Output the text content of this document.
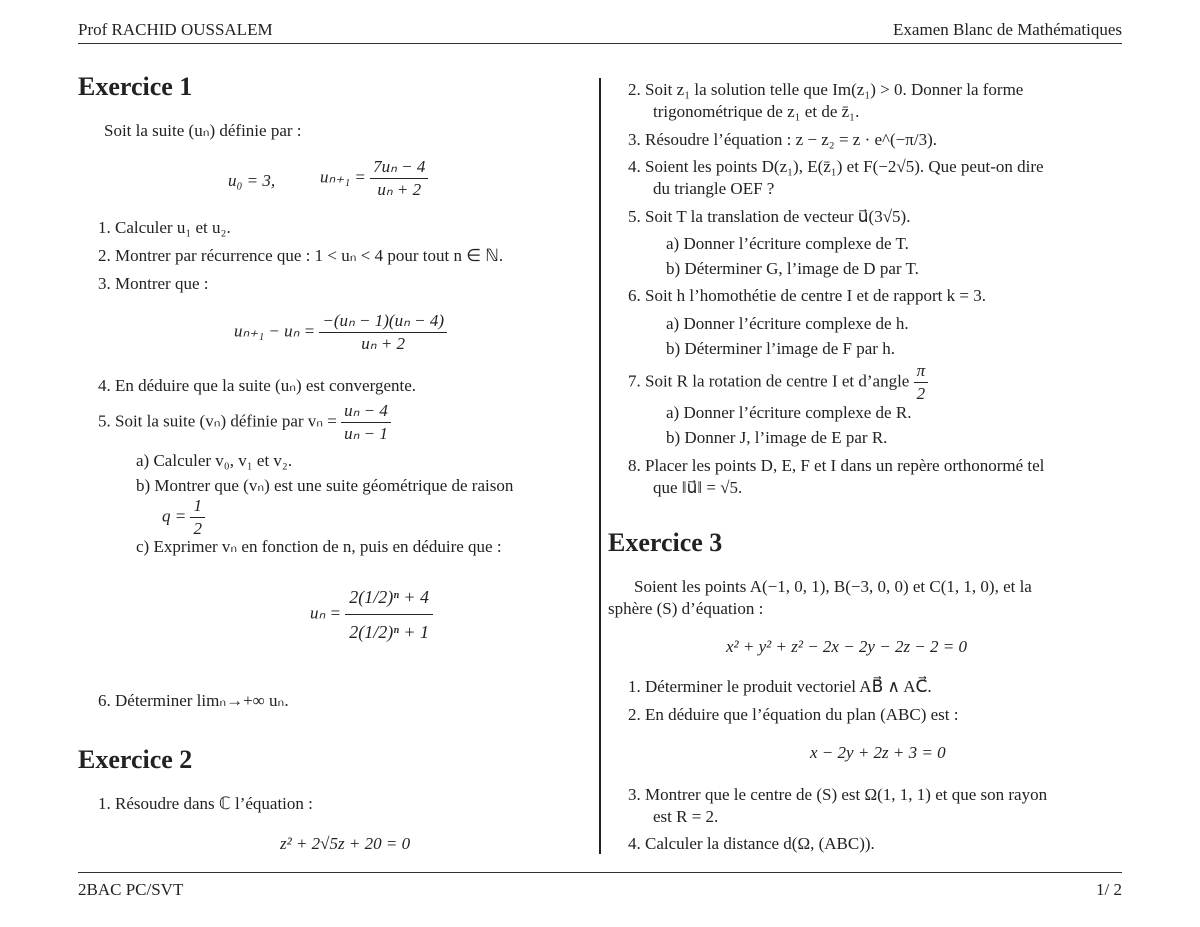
Prof RACHID OUSSALEM	Examen Blanc de Mathématiques
Exercice 1
Soit la suite (uₙ) définie par :
u₀ = 3,	$u_{n+1} = \frac{\text{7uₙ − 4}}{\text{uₙ + 2}}$
1. Calculer u₁ et u₂.
2. Montrer par récurrence que : 1 < uₙ < 4 pour tout n ∈ ℕ.
3. Montrer que :
$u_{n+1} - u_n = \frac{\text{−(uₙ − 1)(uₙ − 4)}}{\text{uₙ + 2}}$
4. En déduire que la suite (uₙ) est convergente.
5. Soit la suite (vₙ) définie par $v_n = \frac{\text{uₙ − 4}}{\text{uₙ − 1}}$
a) Calculer v₀, v₁ et v₂.
b) Montrer que (vₙ) est une suite géométrique de raison
$q = \frac{1}{2}$
c) Exprimer vₙ en fonction de n, puis en déduire que :
$u_n = \frac{\text{2(1/2)ⁿ + 4}}{\text{2(1/2)ⁿ + 1}}$
6. Déterminer limₙ→+∞ uₙ.
Exercice 2
1. Résoudre dans ℂ l’équation :
z² + 2√5z + 20 = 0
2. Soit z₁ la solution telle que Im(z₁) > 0. Donner la forme
trigonométrique de z₁ et de z̄₁.
3. Résoudre l’équation : z − z₂ = z · e^(−π/3).
4. Soient les points D(z₁), E(z̄₁) et F(−2√5). Que peut-on dire
du triangle OEF ?
5. Soit T la translation de vecteur u⃗(3√5).
a) Donner l’écriture complexe de T.
b) Déterminer G, l’image de D par T.
6. Soit h l’homothétie de centre I et de rapport k = 3.
a) Donner l’écriture complexe de h.
b) Déterminer l’image de F par h.
7. Soit R la rotation de centre I et d’angle $\frac{\pi}{2}$
a) Donner l’écriture complexe de R.
b) Donner J, l’image de E par R.
8. Placer les points D, E, F et I dans un repère orthonormé tel
que ‖u⃗‖ = √5.
Exercice 3
Soient les points A(−1, 0, 1), B(−3, 0, 0) et C(1, 1, 0), et la
sphère (S) d’équation :
x² + y² + z² − 2x − 2y − 2z − 2 = 0
1. Déterminer le produit vectoriel AB⃗ ∧ AC⃗.
2. En déduire que l’équation du plan (ABC) est :
x − 2y + 2z + 3 = 0
3. Montrer que le centre de (S) est Ω(1, 1, 1) et que son rayon
est R = 2.
4. Calculer la distance d(Ω, (ABC)).
2BAC PC/SVT	1/ 2
